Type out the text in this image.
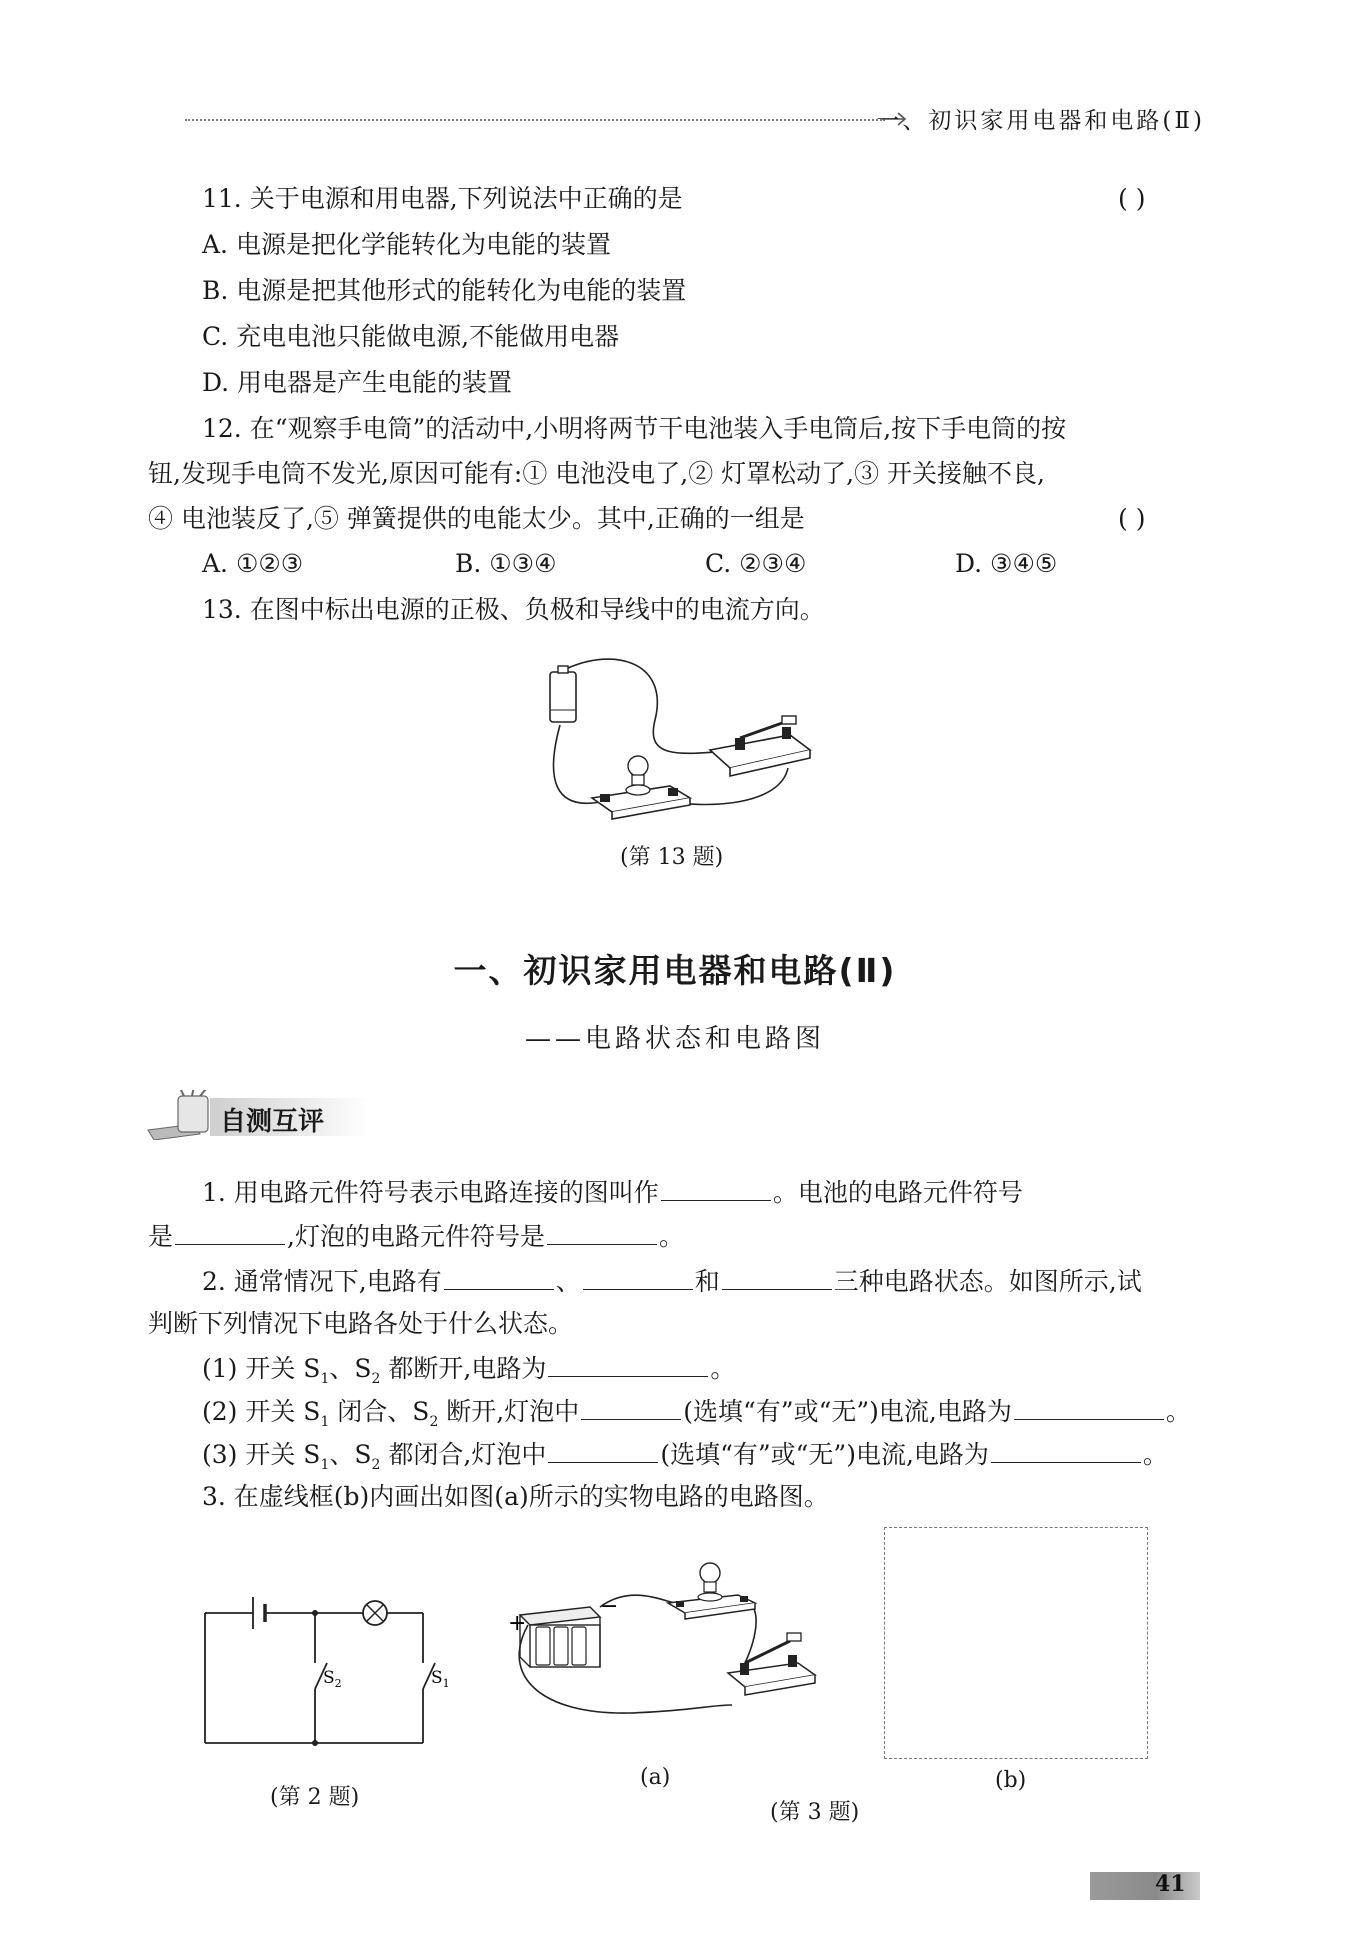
一、初识家用电器和电路(Ⅱ)
11. 关于电源和用电器,下列说法中正确的是	( )
A. 电源是把化学能转化为电能的装置
B. 电源是把其他形式的能转化为电能的装置
C. 充电电池只能做电源,不能做用电器
D. 用电器是产生电能的装置
12. 在“观察手电筒”的活动中,小明将两节干电池装入手电筒后,按下手电筒的按
钮,发现手电筒不发光,原因可能有:① 电池没电了,② 灯罩松动了,③ 开关接触不良,
④ 电池装反了,⑤ 弹簧提供的电能太少。其中,正确的一组是	( )
A. ①②③	B. ①③④	C. ②③④	D. ③④⑤
13. 在图中标出电源的正极、负极和导线中的电流方向。
(第 13 题)
一、初识家用电器和电路(Ⅱ)
——电路状态和电路图
自测互评
1. 用电路元件符号表示电路连接的图叫作	。电池的电路元件符号
是	,灯泡的电路元件符号是	。
2. 通常情况下,电路有	、	和	三种电路状态。如图所示,试
判断下列情况下电路各处于什么状态。
(1) 开关 $S_1$、$S_2$ 都断开,电路为	。
(2) 开关 $S_1$ 闭合、$S_2$ 断开,灯泡中	(选填“有”或“无”)电流,电路为	。
(3) 开关 $S_1$、$S_2$ 都闭合,灯泡中	(选填“有”或“无”)电流,电路为	。
3. 在虚线框(b)内画出如图(a)所示的实物电路的电路图。
$S_2$	$S_1$
(第 2 题)
+
−
(a)	(b)
(第 3 题)
41
